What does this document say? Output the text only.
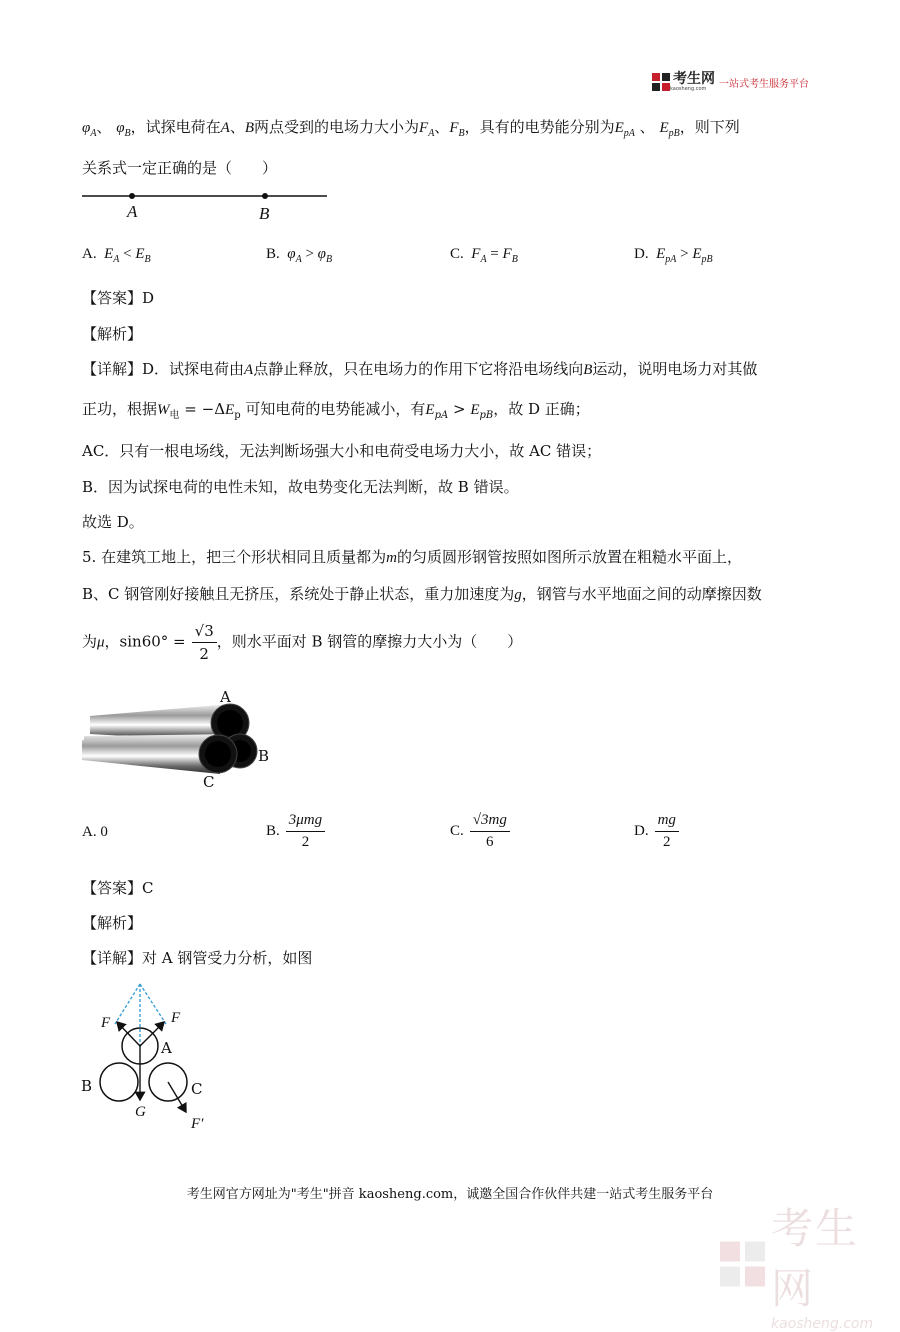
考生网
kaosheng.com	一站式考生服务平台
$\varphi_A$、 $\varphi_B$，试探电荷在A、B两点受到的电场力大小为$F_A$、$F_B$，具有的电势能分别为$E_{pA}$ 、 $E_{pB}$，则下列
关系式一定正确的是（　　）
A	B
A. $E_A < E_B$	B. $\varphi_A > \varphi_B$	C. $F_A = F_B$	D. $E_{pA} > E_{pB}$
【答案】D
【解析】
【详解】D．试探电荷由A点静止释放，只在电场力的作用下它将沿电场线向B运动，说明电场力对其做
正功，根据$W_电 = -\Delta E_p$ 可知电荷的电势能减小，有$E_{pA} > E_{pB}$，故 D 正确；
AC．只有一根电场线，无法判断场强大小和电荷受电场力大小，故 AC 错误；
B．因为试探电荷的电性未知，故电势变化无法判断，故 B 错误。
故选 D。
5. 在建筑工地上，把三个形状相同且质量都为m的匀质圆形钢管按照如图所示放置在粗糙水平面上，
B、C 钢管刚好接触且无挤压，系统处于静止状态，重力加速度为g，钢管与水平地面之间的动摩擦因数
为μ，$\sin 60^\circ = \frac{√3}{2}$ ，则水平面对 B 钢管的摩擦力大小为（　　）
A
B
C
A. 0	B. $\frac{\text{3μmg}}{2}$	C. $\frac{√3mg}{6}$	D. $\frac{mg}{2}$
【答案】C
【解析】
【详解】对 A 钢管受力分析，如图
F	F
A
B	C
G
F′
考生网官方网址为"考生"拼音 kaosheng.com，诚邀全国合作伙伴共建一站式考生服务平台
考生网
kaosheng.com
